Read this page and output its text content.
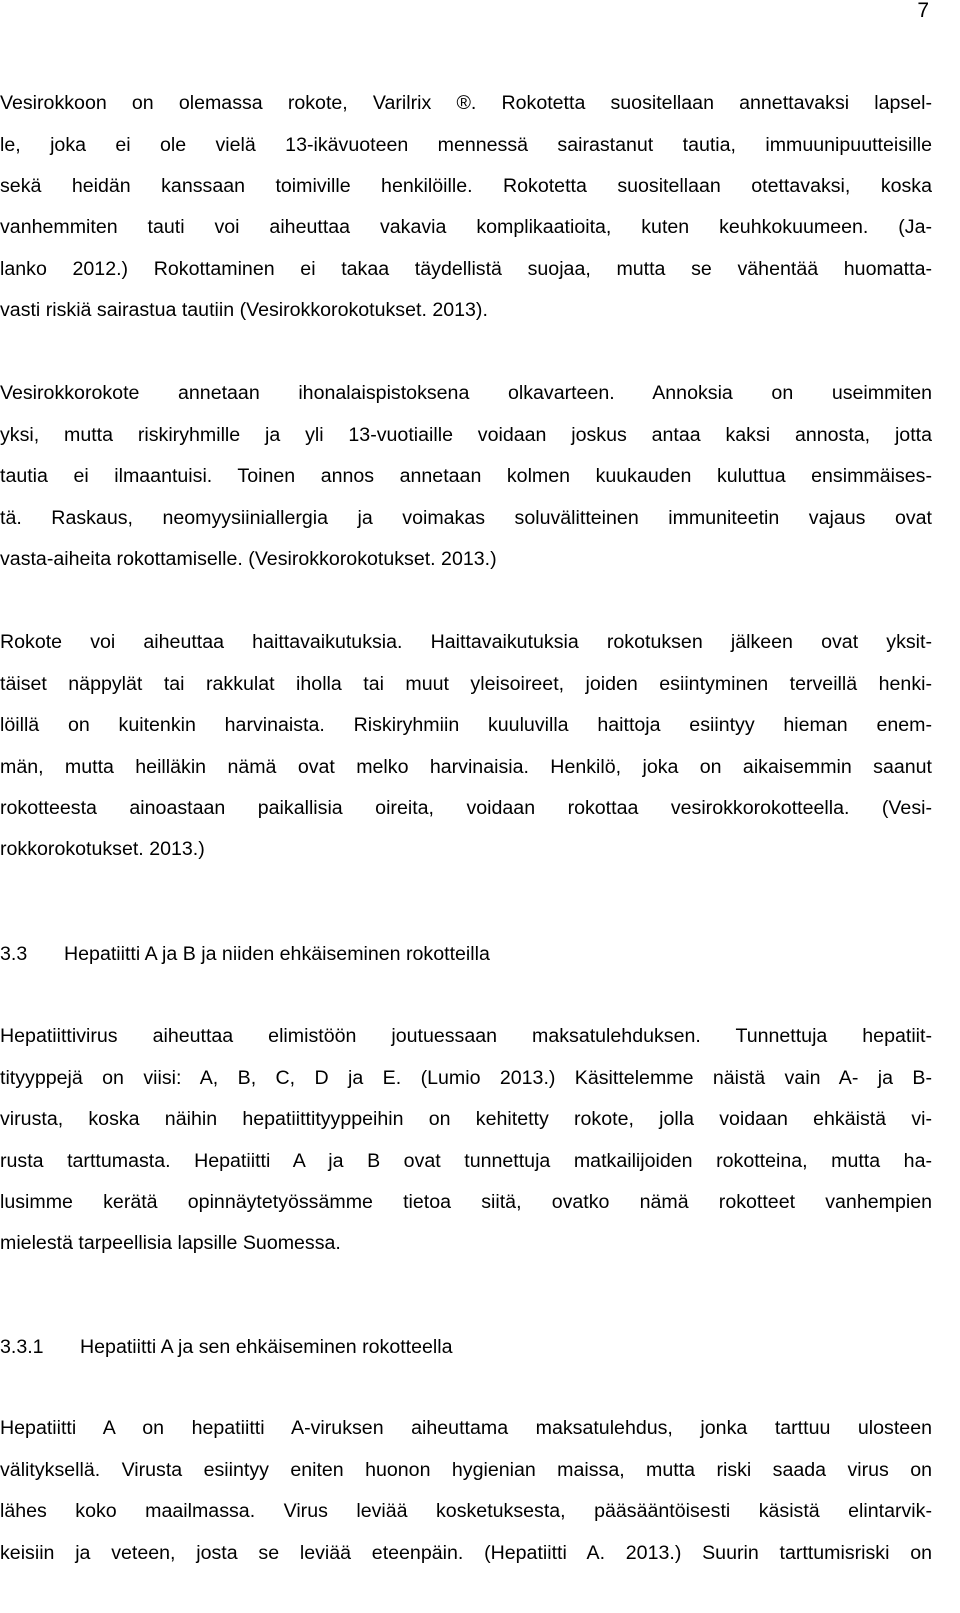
7
Vesirokkoon on olemassa rokote, Varilrix ®. Rokotetta suositellaan annettavaksi lapsel-
le, joka ei ole vielä 13-ikävuoteen mennessä sairastanut tautia, immuunipuutteisille
sekä heidän kanssaan toimiville henkilöille. Rokotetta suositellaan otettavaksi, koska
vanhemmiten tauti voi aiheuttaa vakavia komplikaatioita, kuten keuhkokuumeen. (Ja-
lanko 2012.) Rokottaminen ei takaa täydellistä suojaa, mutta se vähentää huomatta-
vasti riskiä sairastua tautiin (Vesirokkorokotukset. 2013).
Vesirokkorokote annetaan ihonalaispistoksena olkavarteen. Annoksia on useimmiten
yksi, mutta riskiryhmille ja yli 13-vuotiaille voidaan joskus antaa kaksi annosta, jotta
tautia ei ilmaantuisi. Toinen annos annetaan kolmen kuukauden kuluttua ensimmäises-
tä. Raskaus, neomyysiiniallergia ja voimakas soluvälitteinen immuniteetin vajaus ovat
vasta-aiheita rokottamiselle. (Vesirokkorokotukset. 2013.)
Rokote voi aiheuttaa haittavaikutuksia. Haittavaikutuksia rokotuksen jälkeen ovat yksit-
täiset näppylät tai rakkulat iholla tai muut yleisoireet, joiden esiintyminen terveillä henki-
löillä on kuitenkin harvinaista. Riskiryhmiin kuuluvilla haittoja esiintyy hieman enem-
män, mutta heilläkin nämä ovat melko harvinaisia. Henkilö, joka on aikaisemmin saanut
rokotteesta ainoastaan paikallisia oireita, voidaan rokottaa vesirokkorokotteella. (Vesi-
rokkorokotukset. 2013.)
3.3 Hepatiitti A ja B ja niiden ehkäiseminen rokotteilla
Hepatiittivirus aiheuttaa elimistöön joutuessaan maksatulehduksen. Tunnettuja hepatiit-
tityyppejä on viisi: A, B, C, D ja E. (Lumio 2013.) Käsittelemme näistä vain A- ja B-
virusta, koska näihin hepatiittityyppeihin on kehitetty rokote, jolla voidaan ehkäistä vi-
rusta tarttumasta. Hepatiitti A ja B ovat tunnettuja matkailijoiden rokotteina, mutta ha-
lusimme kerätä opinnäytetyössämme tietoa siitä, ovatko nämä rokotteet vanhempien
mielestä tarpeellisia lapsille Suomessa.
3.3.1 Hepatiitti A ja sen ehkäiseminen rokotteella
Hepatiitti A on hepatiitti A-viruksen aiheuttama maksatulehdus, jonka tarttuu ulosteen
välityksellä. Virusta esiintyy eniten huonon hygienian maissa, mutta riski saada virus on
lähes koko maailmassa. Virus leviää kosketuksesta, pääsääntöisesti käsistä elintarvik-
keisiin ja veteen, josta se leviää eteenpäin. (Hepatiitti A. 2013.) Suurin tarttumisriski on
